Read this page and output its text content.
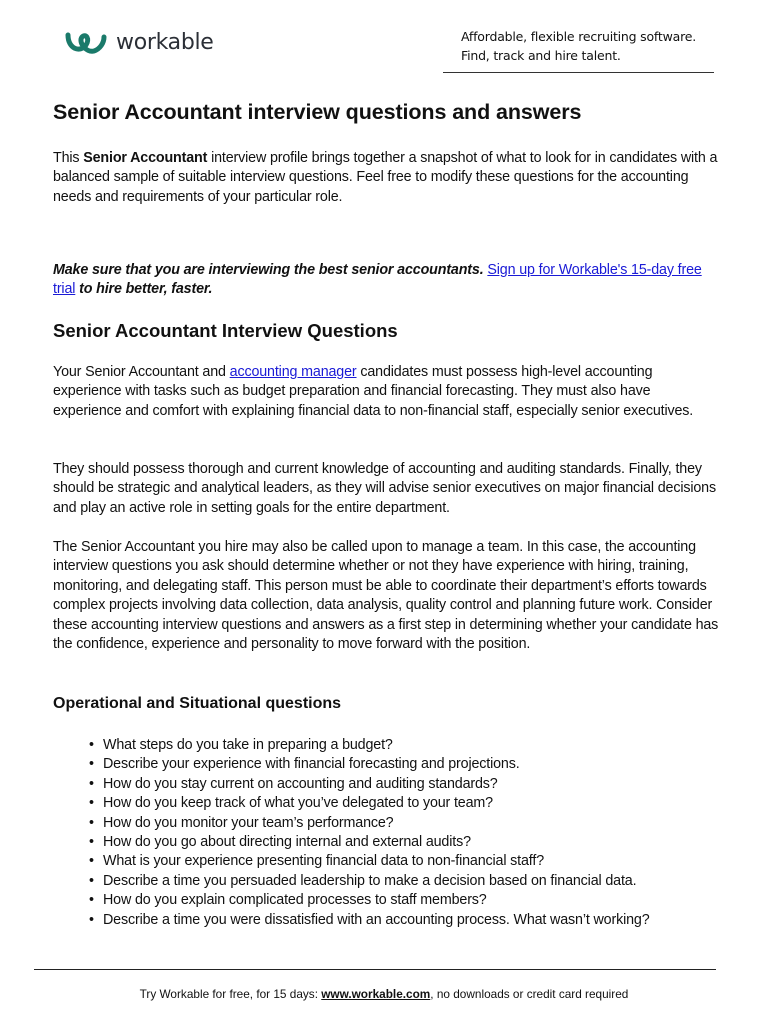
workable	Affordable, flexible recruiting software.
Find, track and hire talent.
Senior Accountant interview questions and answers

This Senior Accountant interview profile brings together a snapshot of what to look for in candidates with a balanced sample of suitable interview questions. Feel free to modify these questions for the accounting needs and requirements of your particular role.

Make sure that you are interviewing the best senior accountants. Sign up for Workable's 15-day free trial to hire better, faster.

Senior Accountant Interview Questions

Your Senior Accountant and accounting manager candidates must possess high-level accounting experience with tasks such as budget preparation and financial forecasting. They must also have experience and comfort with explaining financial data to non-financial staff, especially senior executives.

They should possess thorough and current knowledge of accounting and auditing standards. Finally, they should be strategic and analytical leaders, as they will advise senior executives on major financial decisions and play an active role in setting goals for the entire department.

The Senior Accountant you hire may also be called upon to manage a team. In this case, the accounting interview questions you ask should determine whether or not they have experience with hiring, training, monitoring, and delegating staff. This person must be able to coordinate their department’s efforts towards complex projects involving data collection, data analysis, quality control and planning future work. Consider these accounting interview questions and answers as a first step in determining whether your candidate has the confidence, experience and personality to move forward with the position.

Operational and Situational questions
• What steps do you take in preparing a budget?
• Describe your experience with financial forecasting and projections.
• How do you stay current on accounting and auditing standards?
• How do you keep track of what you’ve delegated to your team?
• How do you monitor your team’s performance?
• How do you go about directing internal and external audits?
• What is your experience presenting financial data to non-financial staff?
• Describe a time you persuaded leadership to make a decision based on financial data.
• How do you explain complicated processes to staff members?
• Describe a time you were dissatisfied with an accounting process. What wasn’t working?
Try Workable for free, for 15 days: www.workable.com, no downloads or credit card required
